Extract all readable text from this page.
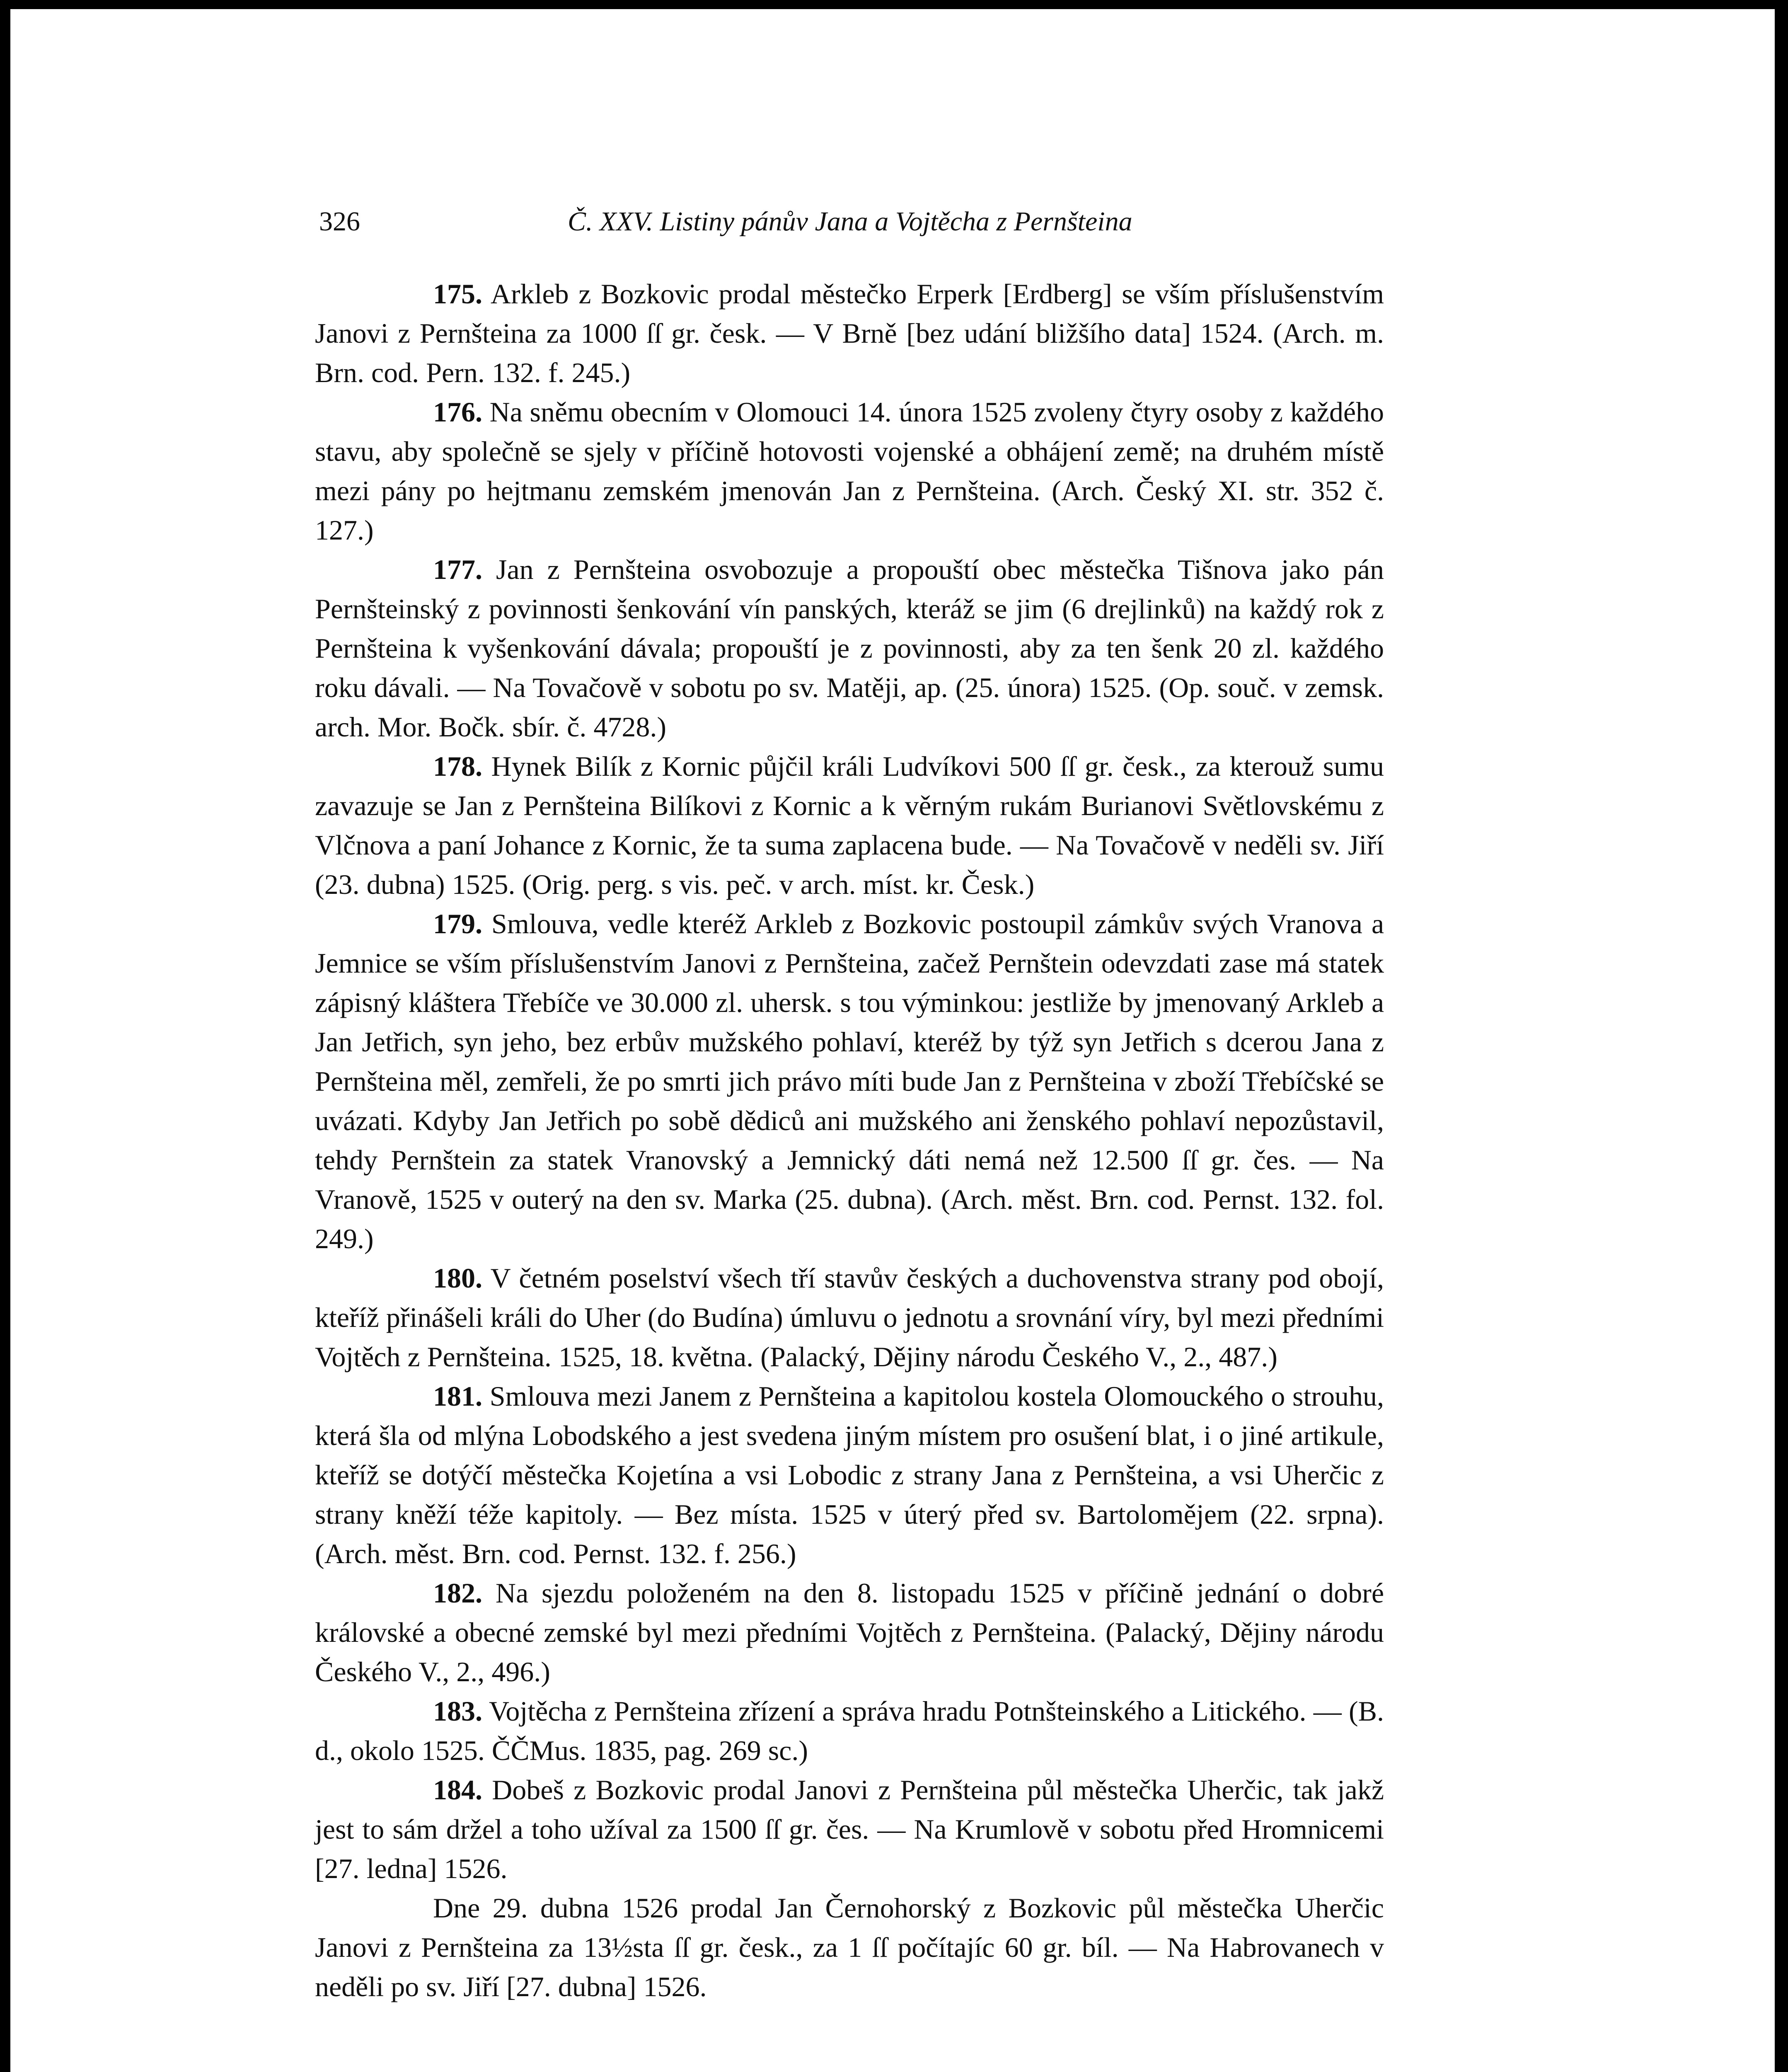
326	Č. XXV. Listiny pánův Jana a Vojtěcha z Pernšteina

175. Arkleb z Bozkovic prodal městečko Erperk [Erdberg] se vším příslušenstvím Janovi z Pernšteina za 1000 ſſ gr. česk. — V Brně [bez udání bližšího data] 1524. (Arch. m. Brn. cod. Pern. 132. f. 245.)

176. Na sněmu obecním v Olomouci 14. února 1525 zvoleny čtyry osoby z každého stavu, aby společně se sjely v příčině hotovosti vojenské a obhájení země; na druhém místě mezi pány po hejtmanu zemském jmenován Jan z Pernšteina. (Arch. Český XI. str. 352 č. 127.)

177. Jan z Pernšteina osvobozuje a propouští obec městečka Tišnova jako pán Pernšteinský z povinnosti šenkování vín panských, kteráž se jim (6 drejlinků) na každý rok z Pernšteina k vyšenkování dávala; propouští je z povinnosti, aby za ten šenk 20 zl. každého roku dávali. — Na Tovačově v sobotu po sv. Matěji, ap. (25. února) 1525. (Op. souč. v zemsk. arch. Mor. Bočk. sbír. č. 4728.)

178. Hynek Bilík z Kornic půjčil králi Ludvíkovi 500 ſſ gr. česk., za kterouž sumu zavazuje se Jan z Pernšteina Bilíkovi z Kornic a k věrným rukám Burianovi Světlovskému z Vlčnova a paní Johance z Kornic, že ta suma zaplacena bude. — Na Tovačově v neděli sv. Jiří (23. dubna) 1525. (Orig. perg. s vis. peč. v arch. míst. kr. Česk.)

179. Smlouva, vedle kteréž Arkleb z Bozkovic postoupil zámkův svých Vranova a Jemnice se vším příslušenstvím Janovi z Pernšteina, začež Pernštein odevzdati zase má statek zápisný kláštera Třebíče ve 30.000 zl. uhersk. s tou výminkou: jestliže by jmenovaný Arkleb a Jan Jetřich, syn jeho, bez erbův mužského pohlaví, kteréž by týž syn Jetřich s dcerou Jana z Pernšteina měl, zemřeli, že po smrti jich právo míti bude Jan z Pernšteina v zboží Třebíčské se uvázati. Kdyby Jan Jetřich po sobě dědiců ani mužského ani ženského pohlaví nepozůstavil, tehdy Pernštein za statek Vranovský a Jemnický dáti nemá než 12.500 ſſ gr. čes. — Na Vranově, 1525 v outerý na den sv. Marka (25. dubna). (Arch. měst. Brn. cod. Pernst. 132. fol. 249.)

180. V četném poselství všech tří stavův českých a duchovenstva strany pod obojí, kteříž přinášeli králi do Uher (do Budína) úmluvu o jednotu a srovnání víry, byl mezi předními Vojtěch z Pernšteina. 1525, 18. května. (Palacký, Dějiny národu Českého V., 2., 487.)

181. Smlouva mezi Janem z Pernšteina a kapitolou kostela Olomouckého o strouhu, která šla od mlýna Lobodského a jest svedena jiným místem pro osušení blat, i o jiné artikule, kteříž se dotýčí městečka Kojetína a vsi Lobodic z strany Jana z Pernšteina, a vsi Uherčic z strany kněží téže kapitoly. — Bez místa. 1525 v úterý před sv. Bartolomějem (22. srpna). (Arch. měst. Brn. cod. Pernst. 132. f. 256.)

182. Na sjezdu položeném na den 8. listopadu 1525 v příčině jednání o dobré královské a obecné zemské byl mezi předními Vojtěch z Pernšteina. (Palacký, Dějiny národu Českého V., 2., 496.)

183. Vojtěcha z Pernšteina zřízení a správa hradu Potnšteinského a Litického. — (B. d., okolo 1525. ČČMus. 1835, pag. 269 sc.)

184. Dobeš z Bozkovic prodal Janovi z Pernšteina půl městečka Uherčic, tak jakž jest to sám držel a toho užíval za 1500 ſſ gr. čes. — Na Krumlově v sobotu před Hromnicemi [27. ledna] 1526.

Dne 29. dubna 1526 prodal Jan Černohorský z Bozkovic půl městečka Uherčic Janovi z Pernšteina za 13½sta ſſ gr. česk., za 1 ſſ počítajíc 60 gr. bíl. — Na Habrovanech v neděli po sv. Jiří [27. dubna] 1526.
